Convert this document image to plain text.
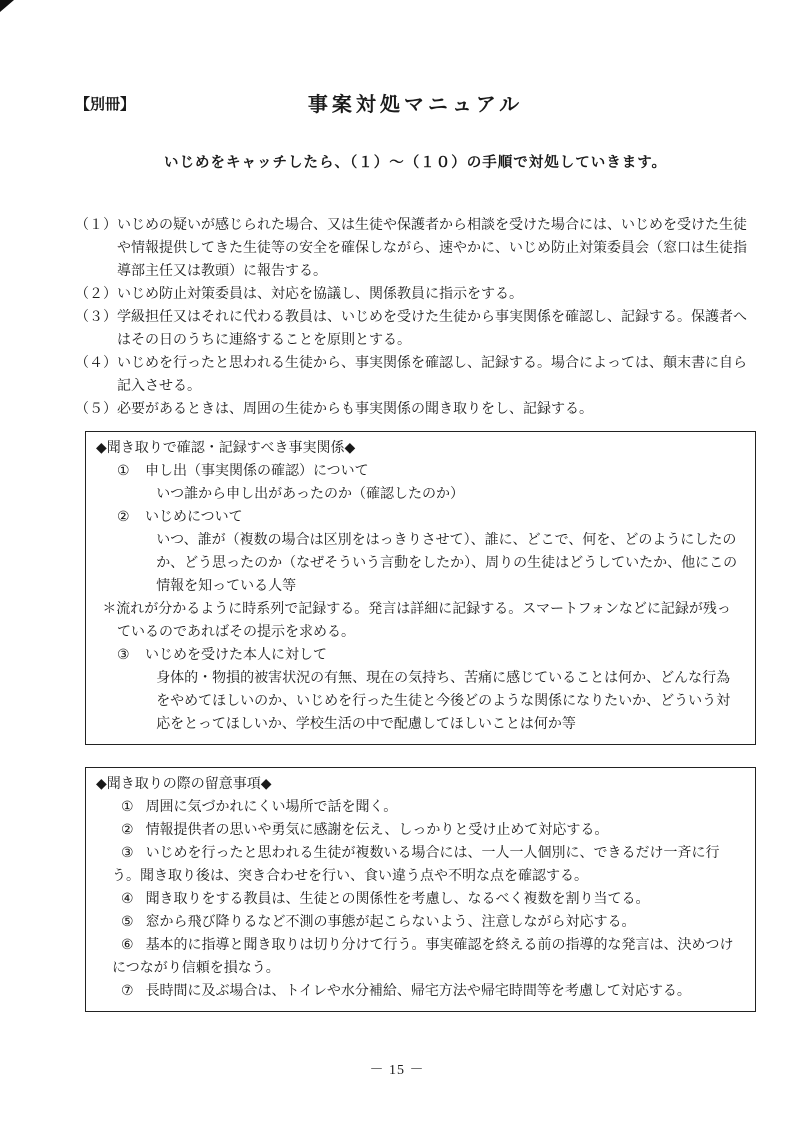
【別冊】	事案対処マニュアル

いじめをキャッチしたら、（１）～（１０）の手順で対処していきます。

（１）いじめの疑いが感じられた場合、又は生徒や保護者から相談を受けた場合には、いじめを受けた生徒や情報提供してきた生徒等の安全を確保しながら、速やかに、いじめ防止対策委員会（窓口は生徒指導部主任又は教頭）に報告する。

（２）いじめ防止対策委員は、対応を協議し、関係教員に指示をする。

（３）学級担任又はそれに代わる教員は、いじめを受けた生徒から事実関係を確認し、記録する。保護者へはその日のうちに連絡することを原則とする。

（４）いじめを行ったと思われる生徒から、事実関係を確認し、記録する。場合によっては、顛末書に自ら記入させる。

（５）必要があるときは、周囲の生徒からも事実関係の聞き取りをし、記録する。

◆聞き取りで確認・記録すべき事実関係◆

① 申し出（事実関係の確認）について

いつ誰から申し出があったのか（確認したのか）

② いじめについて

いつ、誰が（複数の場合は区別をはっきりさせて）、誰に、どこで、何を、どのようにしたのか、どう思ったのか（なぜそういう言動をしたか）、周りの生徒はどうしていたか、他にこの情報を知っている人等

＊流れが分かるように時系列で記録する。発言は詳細に記録する。スマートフォンなどに記録が残っているのであればその提示を求める。

③ いじめを受けた本人に対して

身体的・物損的被害状況の有無、現在の気持ち、苦痛に感じていることは何か、どんな行為をやめてほしいのか、いじめを行った生徒と今後どのような関係になりたいか、どういう対応をとってほしいか、学校生活の中で配慮してほしいことは何か等

◆聞き取りの際の留意事項◆

① 周囲に気づかれにくい場所で話を聞く。

② 情報提供者の思いや勇気に感謝を伝え、しっかりと受け止めて対応する。

③ いじめを行ったと思われる生徒が複数いる場合には、一人一人個別に、できるだけ一斉に行う。聞き取り後は、突き合わせを行い、食い違う点や不明な点を確認する。

④ 聞き取りをする教員は、生徒との関係性を考慮し、なるべく複数を割り当てる。

⑤ 窓から飛び降りるなど不測の事態が起こらないよう、注意しながら対応する。

⑥ 基本的に指導と聞き取りは切り分けて行う。事実確認を終える前の指導的な発言は、決めつけにつながり信頼を損なう。

⑦ 長時間に及ぶ場合は、トイレや水分補給、帰宅方法や帰宅時間等を考慮して対応する。

－ 15 －
